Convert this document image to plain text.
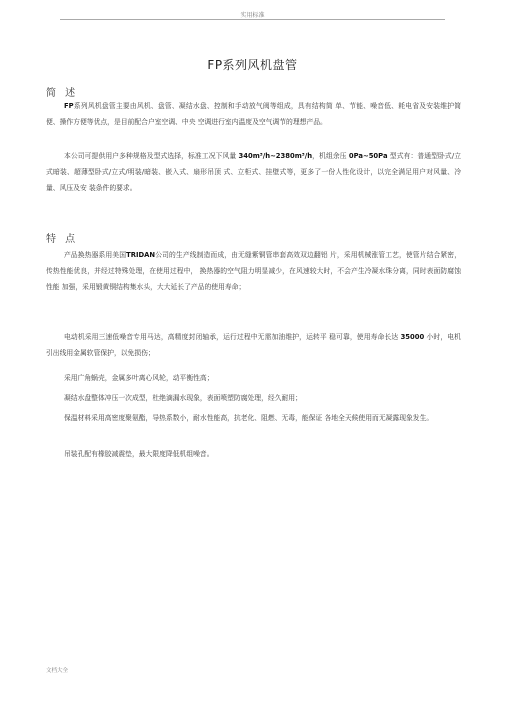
实用标准
FP系列风机盘管
简 述
FP系列风机盘管主要由风机、盘管、凝结水盘、控制和手动放气阀等组成，具有结构简 单、节能、噪音低、耗电省及安装维护简便、操作方便等优点，是目前配合户室空调、中央 空调进行室内温度及空气调节的理想产品。
本公司可提供用户多种规格及型式选择，标准工况下风量 340m³/h~2380m³/h，机组余压 0Pa~50Pa 型式有：普通型卧式/立式暗装、超薄型卧式/立式/明装/暗装、嵌入式、扇形吊顶 式、立柜式、挂壁式等，更多了一份人性化设计，以完全满足用户对风量、冷量、风压及安 装条件的要求。
特 点
产品换热器系用美国TRIDAN公司的生产线制造而成，由无缝紫铜管串套高效双边翻铝 片，采用机械涨管工艺，使管片结合紧密，传热性能优良，并经过特殊处理，在使用过程中， 换热器的空气阻力明显减少，在风速较大时，不会产生冷凝水珠分离，同时表面防腐蚀性能 加强，采用锻黄铜结构集水头，大大延长了产品的使用寿命；
电动机采用三速低噪音专用马达，高精度封闭轴承，运行过程中无需加油维护，运转平 稳可靠，使用寿命长达 35000 小时，电机引出线用金属软管保护，以免损伤；
采用广角蜗壳，金属多叶离心风轮，动平衡性高；
凝结水盘整体冲压一次成型，杜绝滴漏水现象，表面喷塑防腐处理，经久耐用；
保温材料采用高密度聚氨酯，导热系数小，耐水性能高，抗老化、阻燃、无毒，能保证 各地全天候使用而无凝露现象发生。
吊装孔配有橡胶减震垫，最大限度降低机组噪音。
文档大全
